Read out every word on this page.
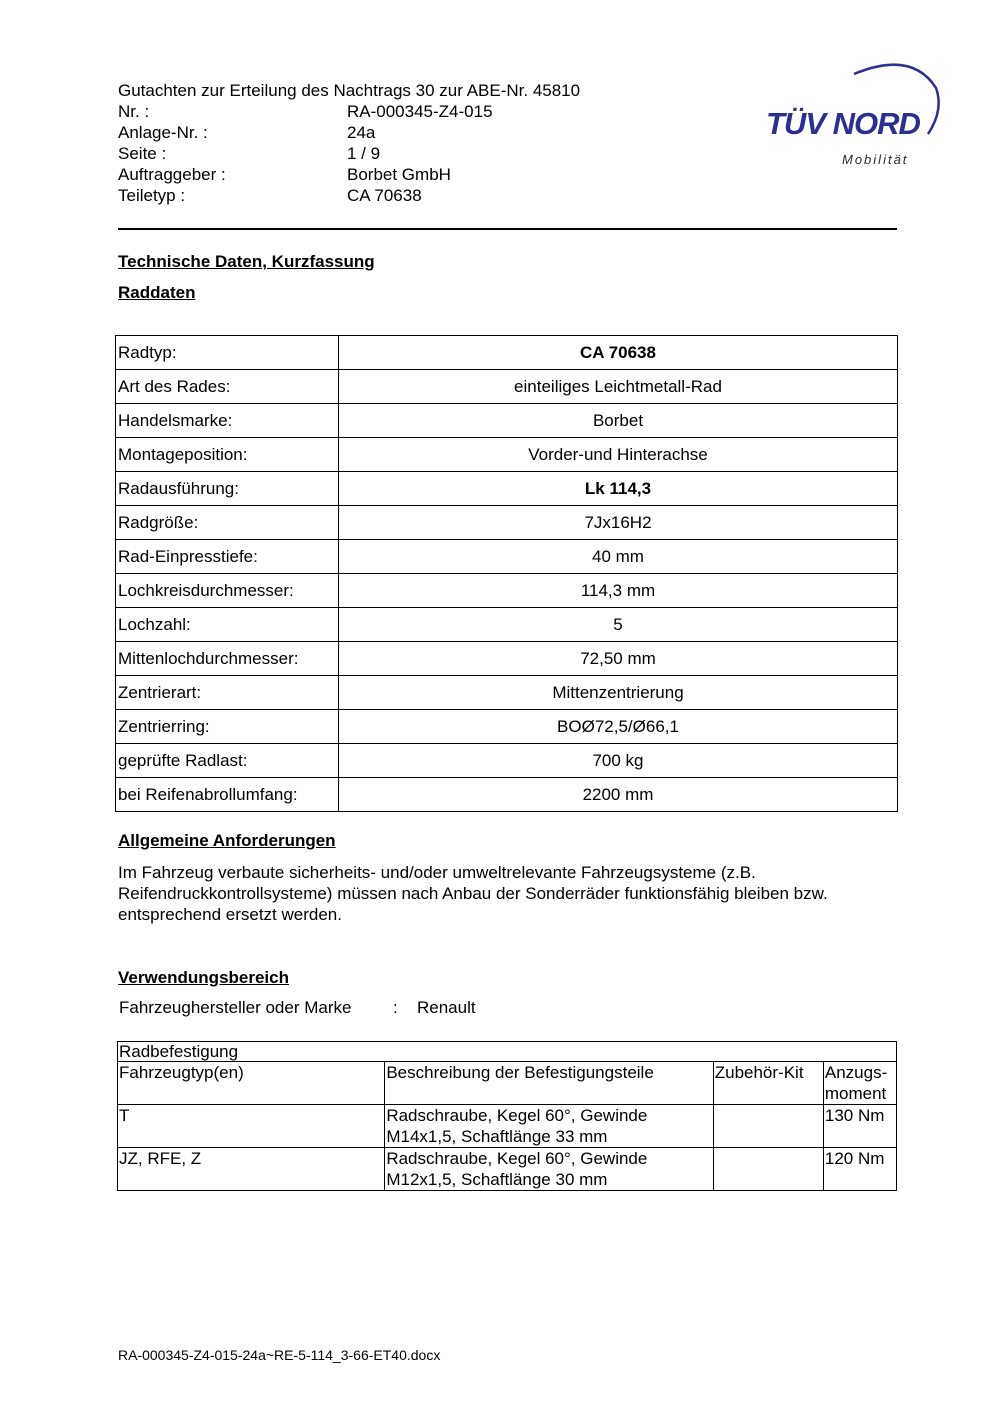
Gutachten zur Erteilung des Nachtrags 30 zur ABE-Nr. 45810
Nr. :	RA-000345-Z4-015
Anlage-Nr. :	24a
Seite :	1 / 9
Auftraggeber :	Borbet GmbH
Teiletyp :	CA 70638
TÜV NORD
Mobilität
Technische Daten, Kurzfassung
Raddaten
Radtyp:	CA 70638
Art des Rades:	einteiliges Leichtmetall-Rad
Handelsmarke:	Borbet
Montageposition:	Vorder-und Hinterachse
Radausführung:	Lk 114,3
Radgröße:	7Jx16H2
Rad-Einpresstiefe:	40 mm
Lochkreisdurchmesser:	114,3 mm
Lochzahl:	5
Mittenlochdurchmesser:	72,50 mm
Zentrierart:	Mittenzentrierung
Zentrierring:	BOØ72,5/Ø66,1
geprüfte Radlast:	700 kg
bei Reifenabrollumfang:	2200 mm
Allgemeine Anforderungen
Im Fahrzeug verbaute sicherheits- und/oder umweltrelevante Fahrzeugsysteme (z.B. Reifendruckkontrollsysteme) müssen nach Anbau der Sonderräder funktionsfähig bleiben bzw. entsprechend ersetzt werden.
Verwendungsbereich
Fahrzeughersteller oder Marke : Renault
Radbefestigung			
Fahrzeugtyp(en)	Beschreibung der Befestigungsteile	Zubehör-Kit	Anzugs-
moment
T	Radschraube, Kegel 60°, Gewinde M14x1,5, Schaftlänge 33 mm		130 Nm
JZ, RFE, Z	Radschraube, Kegel 60°, Gewinde M12x1,5, Schaftlänge 30 mm		120 Nm
RA-000345-Z4-015-24a~RE-5-114_3-66-ET40.docx
